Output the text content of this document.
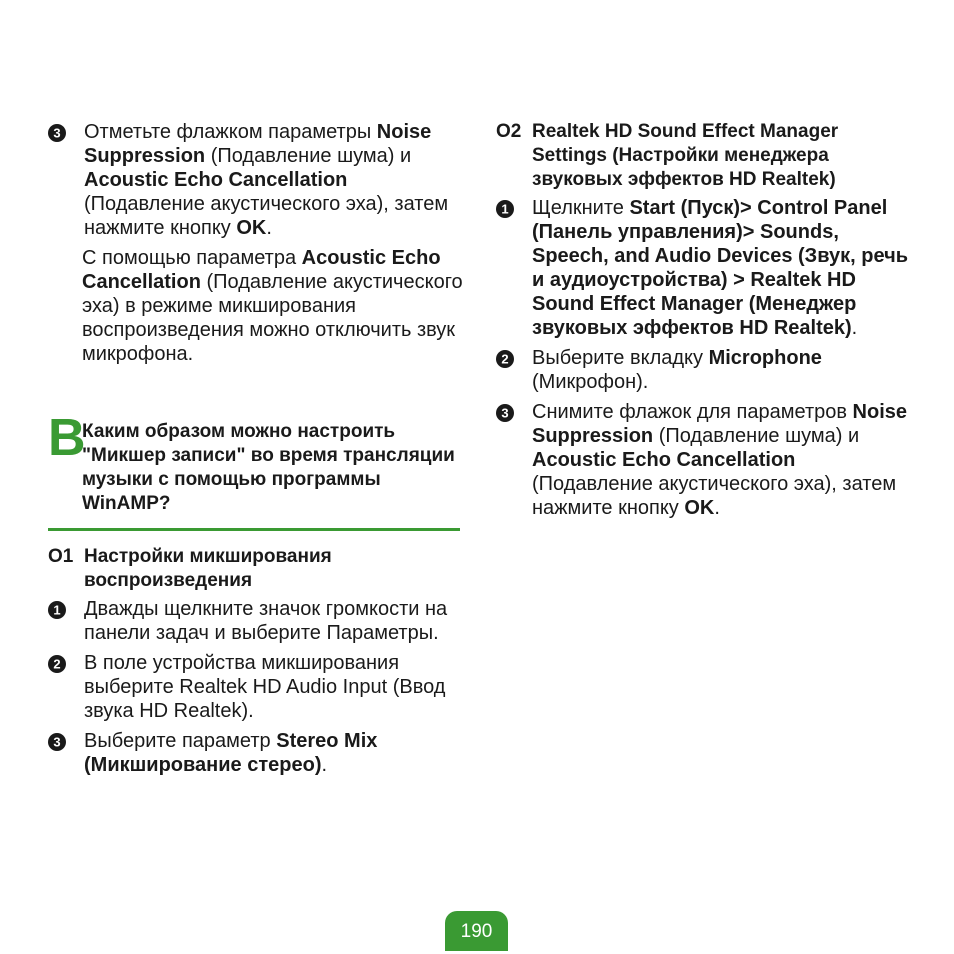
3 Отметьте флажком параметры Noise Suppression (Подавление шума) и Acoustic Echo Cancellation (Подавление акустического эха), затем нажмите кнопку OK.
С помощью параметра Acoustic Echo Cancellation (Подавление акустического эха) в режиме микширования воспроизведения можно отключить звук микрофона.
B
Каким образом можно настроить "Микшер записи" во время трансляции музыки с помощью программы WinAMP?
O1 Настройки микширования воспроизведения
1 Дважды щелкните значок громкости на панели задач и выберите Параметры.
2 В поле устройства микширования выберите Realtek HD Audio Input (Ввод звука HD Realtek).
3 Выберите параметр Stereo Mix (Микширование стерео).
O2 Realtek HD Sound Effect Manager Settings (Настройки менеджера звуковых эффектов HD Realtek)
1 Щелкните Start (Пуск)> Control Panel (Панель управления)> Sounds, Speech, and Audio Devices (Звук, речь и аудиоустройства) > Realtek HD Sound Effect Manager (Менеджер звуковых эффектов HD Realtek).
2 Выберите вкладку Microphone (Микрофон).
3 Снимите флажок для параметров Noise Suppression (Подавление шума) и Acoustic Echo Cancellation (Подавление акустического эха), затем нажмите кнопку OK.
190
